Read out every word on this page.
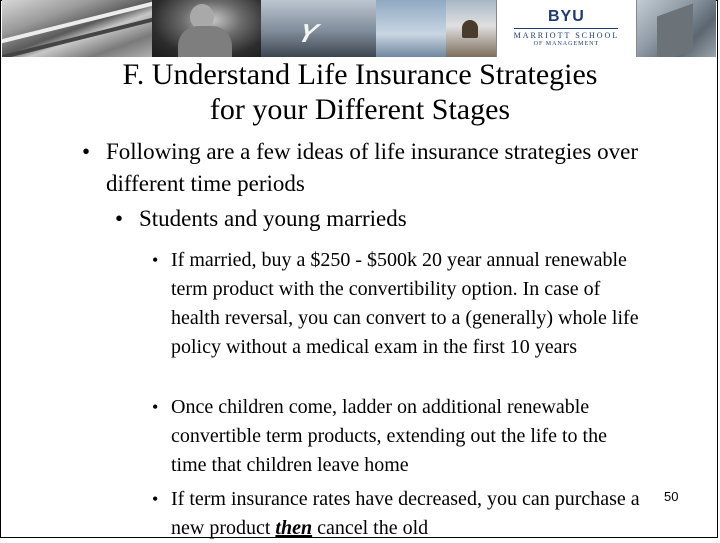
Y
BYU
MARRIOTT SCHOOL
OF MANAGEMENT
F. Understand Life Insurance Strategies
for your Different Stages
• Following are a few ideas of life insurance strategies over different time periods
• Students and young marrieds
• If married, buy a $250 - $500k 20 year annual renewable term product with the convertibility option. In case of health reversal, you can convert to a (generally) whole life policy without a medical exam in the first 10 years
• Once children come, ladder on additional renewable convertible term products, extending out the life to the time that children leave home
• If term insurance rates have decreased, you can purchase a new product then cancel the old
50
